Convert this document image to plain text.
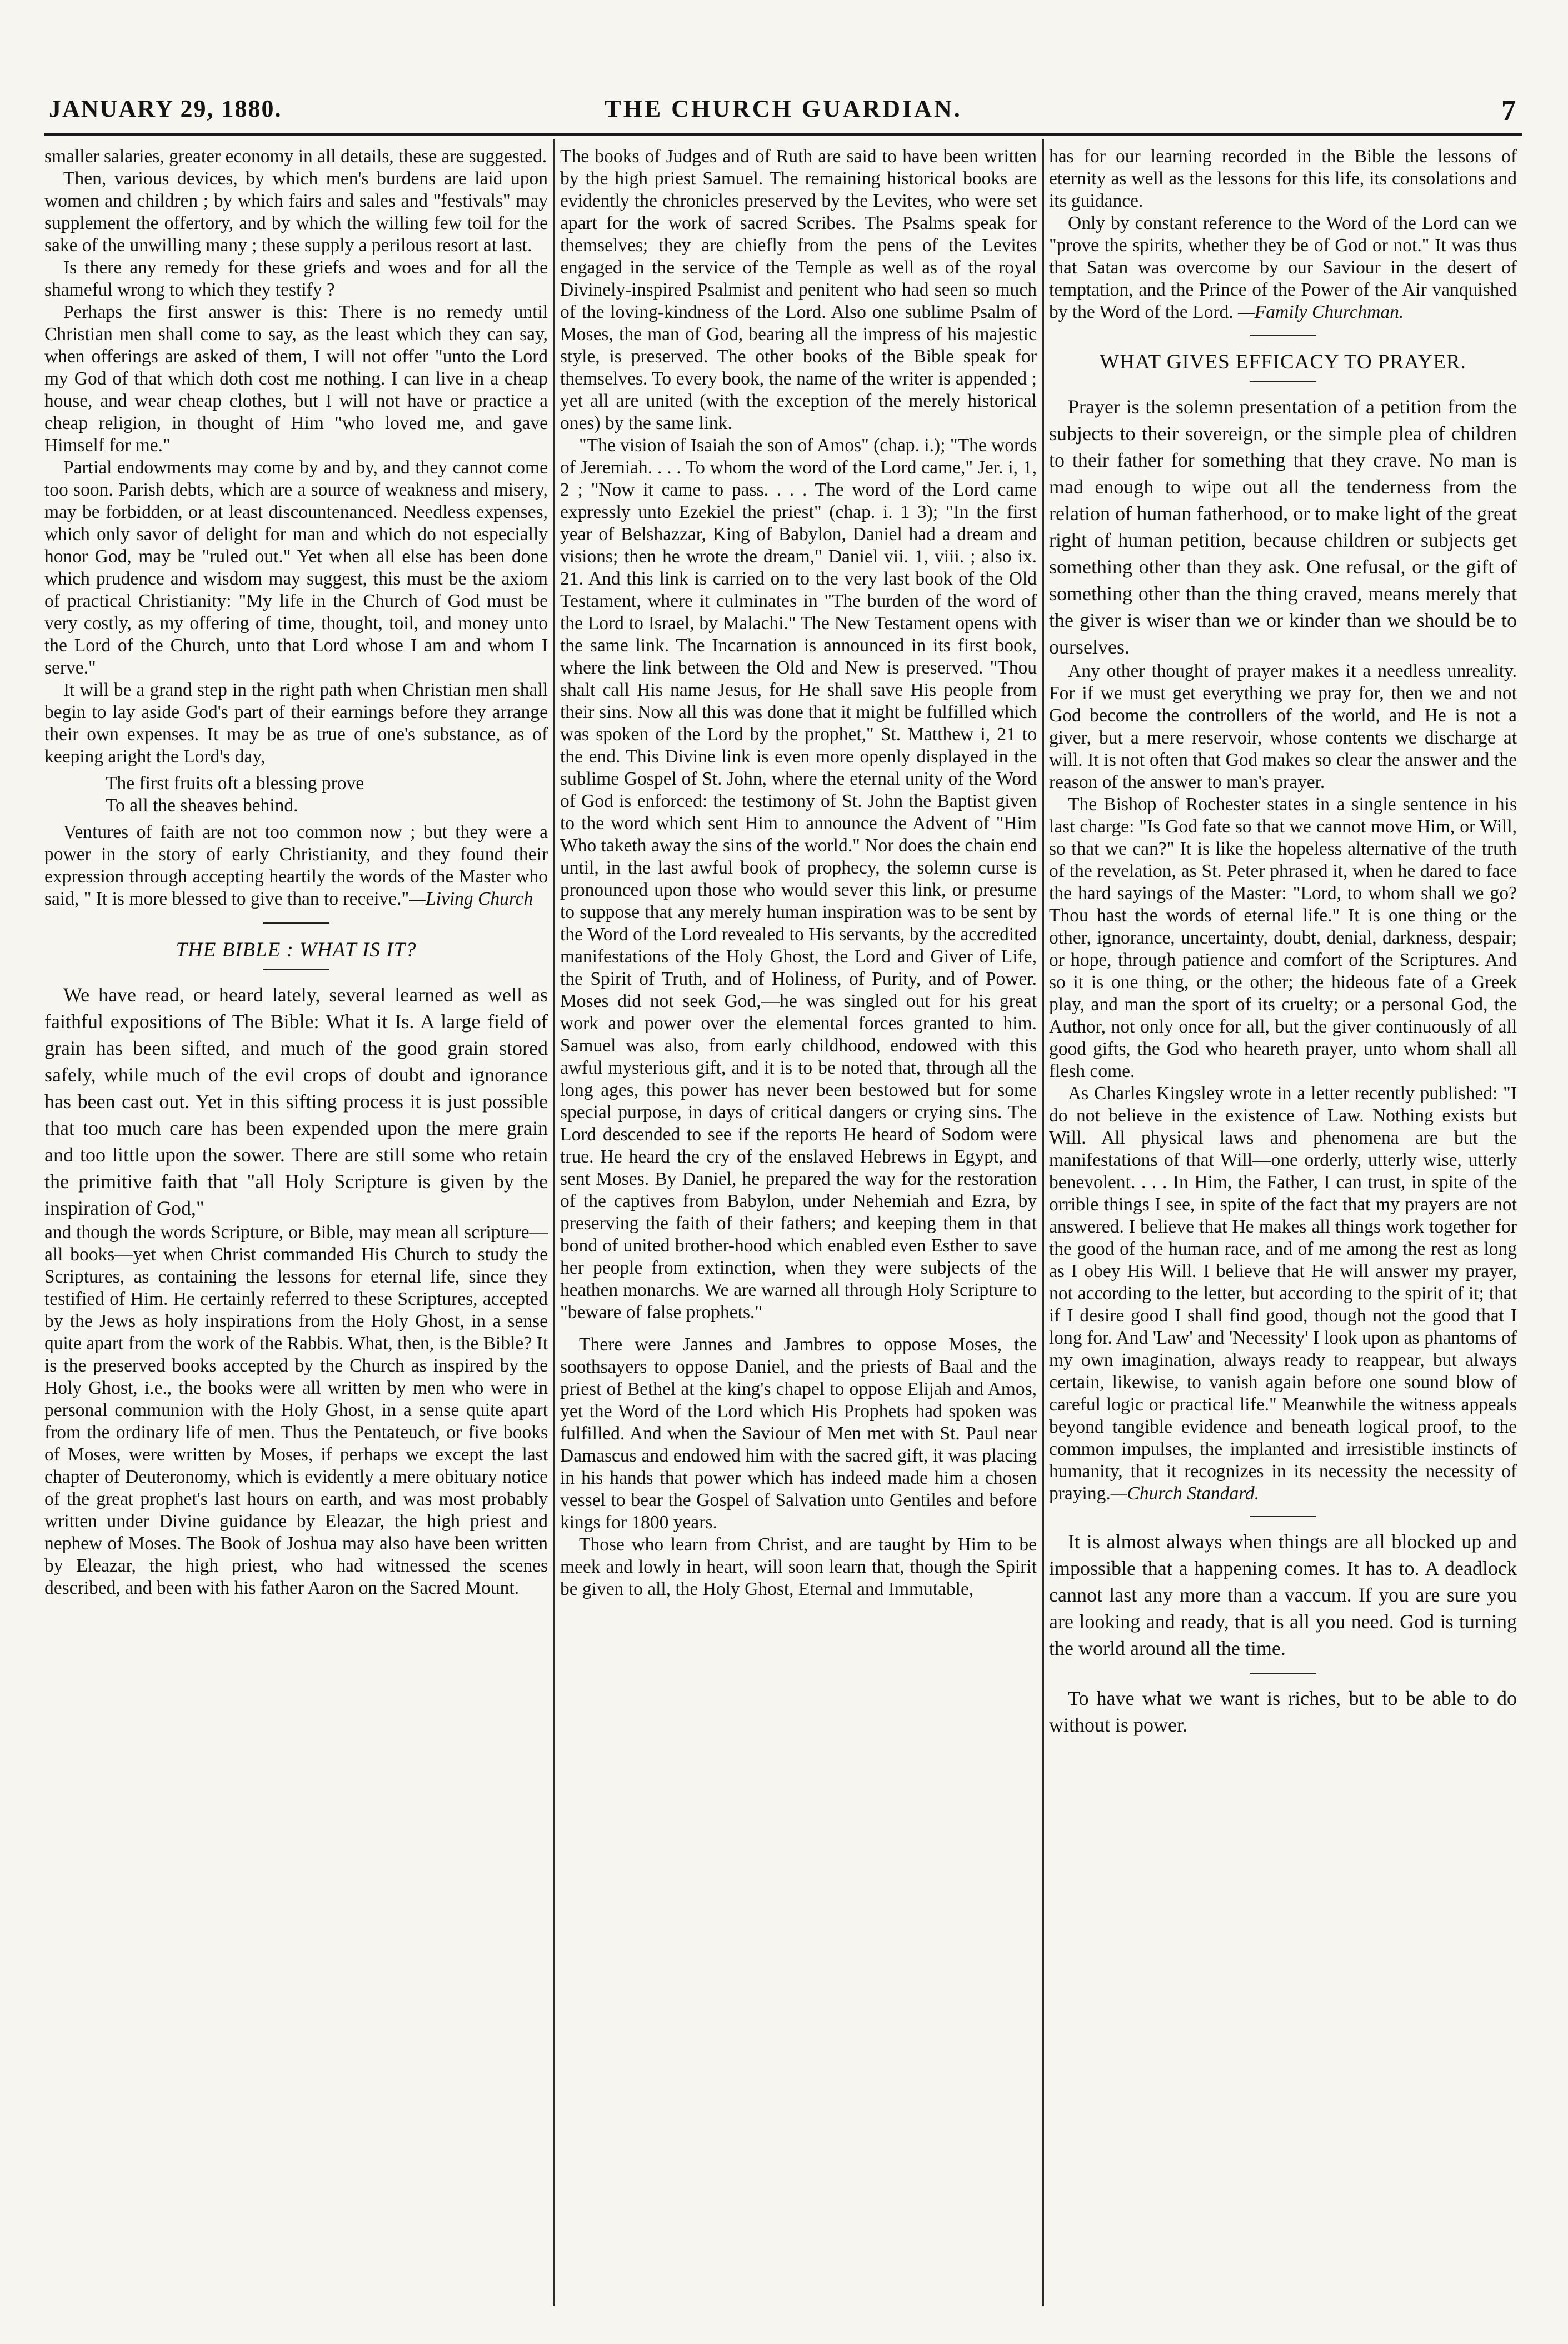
JANUARY 29, 1880.	THE CHURCH GUARDIAN.	7

smaller salaries, greater economy in all details, these are suggested.

Then, various devices, by which men's burdens are laid upon women and children ; by which fairs and sales and "festivals" may supplement the offertory, and by which the willing few toil for the sake of the unwilling many ; these supply a perilous resort at last.

Is there any remedy for these griefs and woes and for all the shameful wrong to which they testify ?

Perhaps the first answer is this: There is no remedy until Christian men shall come to say, as the least which they can say, when offerings are asked of them, I will not offer "unto the Lord my God of that which doth cost me nothing. I can live in a cheap house, and wear cheap clothes, but I will not have or practice a cheap religion, in thought of Him "who loved me, and gave Himself for me."

Partial endowments may come by and by, and they cannot come too soon. Parish debts, which are a source of weakness and misery, may be forbidden, or at least discountenanced. Needless expenses, which only savor of delight for man and which do not especially honor God, may be "ruled out." Yet when all else has been done which prudence and wisdom may suggest, this must be the axiom of practical Christianity: "My life in the Church of God must be very costly, as my offering of time, thought, toil, and money unto the Lord of the Church, unto that Lord whose I am and whom I serve."

It will be a grand step in the right path when Christian men shall begin to lay aside God's part of their earnings before they arrange their own expenses. It may be as true of one's substance, as of keeping aright the Lord's day,

The first fruits oft a blessing prove
To all the sheaves behind.

Ventures of faith are not too common now ; but they were a power in the story of early Christianity, and they found their expression through accepting heartily the words of the Master who said, " It is more blessed to give than to receive."—Living Church

THE BIBLE : WHAT IS IT?

We have read, or heard lately, several learned as well as faithful expositions of The Bible: What it Is. A large field of grain has been sifted, and much of the good grain stored safely, while much of the evil crops of doubt and ignorance has been cast out. Yet in this sifting process it is just possible that too much care has been expended upon the mere grain and too little upon the sower. There are still some who retain the primitive faith that "all Holy Scripture is given by the inspiration of God,"

and though the words Scripture, or Bible, may mean all scripture—all books—yet when Christ commanded His Church to study the Scriptures, as containing the lessons for eternal life, since they testified of Him. He certainly referred to these Scriptures, accepted by the Jews as holy inspirations from the Holy Ghost, in a sense quite apart from the work of the Rabbis. What, then, is the Bible? It is the preserved books accepted by the Church as inspired by the Holy Ghost, i.e., the books were all written by men who were in personal communion with the Holy Ghost, in a sense quite apart from the ordinary life of men. Thus the Pentateuch, or five books of Moses, were written by Moses, if perhaps we except the last chapter of Deuteronomy, which is evidently a mere obituary notice of the great prophet's last hours on earth, and was most probably written under Divine guidance by Eleazar, the high priest and nephew of Moses. The Book of Joshua may also have been written by Eleazar, the high priest, who had witnessed the scenes described, and been with his father Aaron on the Sacred Mount.

The books of Judges and of Ruth are said to have been written by the high priest Samuel. The remaining historical books are evidently the chronicles preserved by the Levites, who were set apart for the work of sacred Scribes. The Psalms speak for themselves; they are chiefly from the pens of the Levites engaged in the service of the Temple as well as of the royal Divinely-inspired Psalmist and penitent who had seen so much of the loving-kindness of the Lord. Also one sublime Psalm of Moses, the man of God, bearing all the impress of his majestic style, is preserved. The other books of the Bible speak for themselves. To every book, the name of the writer is appended ; yet all are united (with the exception of the merely historical ones) by the same link.

"The vision of Isaiah the son of Amos" (chap. i.); "The words of Jeremiah. . . . To whom the word of the Lord came," Jer. i, 1, 2 ; "Now it came to pass. . . . The word of the Lord came expressly unto Ezekiel the priest" (chap. i. 1 3); "In the first year of Belshazzar, King of Babylon, Daniel had a dream and visions; then he wrote the dream," Daniel vii. 1, viii. ; also ix. 21. And this link is carried on to the very last book of the Old Testament, where it culminates in "The burden of the word of the Lord to Israel, by Malachi." The New Testament opens with the same link. The Incarnation is announced in its first book, where the link between the Old and New is preserved. "Thou shalt call His name Jesus, for He shall save His people from their sins. Now all this was done that it might be fulfilled which was spoken of the Lord by the prophet," St. Matthew i, 21 to the end. This Divine link is even more openly displayed in the sublime Gospel of St. John, where the eternal unity of the Word of God is enforced: the testimony of St. John the Baptist given to the word which sent Him to announce the Advent of "Him Who taketh away the sins of the world." Nor does the chain end until, in the last awful book of prophecy, the solemn curse is pronounced upon those who would sever this link, or presume to suppose that any merely human inspiration was to be sent by the Word of the Lord revealed to His servants, by the accredited manifestations of the Holy Ghost, the Lord and Giver of Life, the Spirit of Truth, and of Holiness, of Purity, and of Power. Moses did not seek God,—he was singled out for his great work and power over the elemental forces granted to him. Samuel was also, from early childhood, endowed with this awful mysterious gift, and it is to be noted that, through all the long ages, this power has never been bestowed but for some special purpose, in days of critical dangers or crying sins. The Lord descended to see if the reports He heard of Sodom were true. He heard the cry of the enslaved Hebrews in Egypt, and sent Moses. By Daniel, he prepared the way for the restoration of the captives from Babylon, under Nehemiah and Ezra, by preserving the faith of their fathers; and keeping them in that bond of united brother-hood which enabled even Esther to save her people from extinction, when they were subjects of the heathen monarchs. We are warned all through Holy Scripture to "beware of false prophets."

There were Jannes and Jambres to oppose Moses, the soothsayers to oppose Daniel, and the priests of Baal and the priest of Bethel at the king's chapel to oppose Elijah and Amos, yet the Word of the Lord which His Prophets had spoken was fulfilled. And when the Saviour of Men met with St. Paul near Damascus and endowed him with the sacred gift, it was placing in his hands that power which has indeed made him a chosen vessel to bear the Gospel of Salvation unto Gentiles and before kings for 1800 years.

Those who learn from Christ, and are taught by Him to be meek and lowly in heart, will soon learn that, though the Spirit be given to all, the Holy Ghost, Eternal and Immutable,

has for our learning recorded in the Bible the lessons of eternity as well as the lessons for this life, its consolations and its guidance.

Only by constant reference to the Word of the Lord can we "prove the spirits, whether they be of God or not." It was thus that Satan was overcome by our Saviour in the desert of temptation, and the Prince of the Power of the Air vanquished by the Word of the Lord. —Family Churchman.

WHAT GIVES EFFICACY TO PRAYER.

Prayer is the solemn presentation of a petition from the subjects to their sovereign, or the simple plea of children to their father for something that they crave. No man is mad enough to wipe out all the tenderness from the relation of human fatherhood, or to make light of the great right of human petition, because children or subjects get something other than they ask. One refusal, or the gift of something other than the thing craved, means merely that the giver is wiser than we or kinder than we should be to ourselves.

Any other thought of prayer makes it a needless unreality. For if we must get everything we pray for, then we and not God become the controllers of the world, and He is not a giver, but a mere reservoir, whose contents we discharge at will. It is not often that God makes so clear the answer and the reason of the answer to man's prayer.

The Bishop of Rochester states in a single sentence in his last charge: "Is God fate so that we cannot move Him, or Will, so that we can?" It is like the hopeless alternative of the truth of the revelation, as St. Peter phrased it, when he dared to face the hard sayings of the Master: "Lord, to whom shall we go? Thou hast the words of eternal life." It is one thing or the other, ignorance, uncertainty, doubt, denial, darkness, despair; or hope, through patience and comfort of the Scriptures. And so it is one thing, or the other; the hideous fate of a Greek play, and man the sport of its cruelty; or a personal God, the Author, not only once for all, but the giver continuously of all good gifts, the God who heareth prayer, unto whom shall all flesh come.

As Charles Kingsley wrote in a letter recently published: "I do not believe in the existence of Law. Nothing exists but Will. All physical laws and phenomena are but the manifestations of that Will—one orderly, utterly wise, utterly benevolent. . . . In Him, the Father, I can trust, in spite of the orrible things I see, in spite of the fact that my prayers are not answered. I believe that He makes all things work together for the good of the human race, and of me among the rest as long as I obey His Will. I believe that He will answer my prayer, not according to the letter, but according to the spirit of it; that if I desire good I shall find good, though not the good that I long for. And 'Law' and 'Necessity' I look upon as phantoms of my own imagination, always ready to reappear, but always certain, likewise, to vanish again before one sound blow of careful logic or practical life." Meanwhile the witness appeals beyond tangible evidence and beneath logical proof, to the common impulses, the implanted and irresistible instincts of humanity, that it recognizes in its necessity the necessity of praying.—Church Standard.

It is almost always when things are all blocked up and impossible that a happening comes. It has to. A deadlock cannot last any more than a vaccum. If you are sure you are looking and ready, that is all you need. God is turning the world around all the time.

To have what we want is riches, but to be able to do without is power.
